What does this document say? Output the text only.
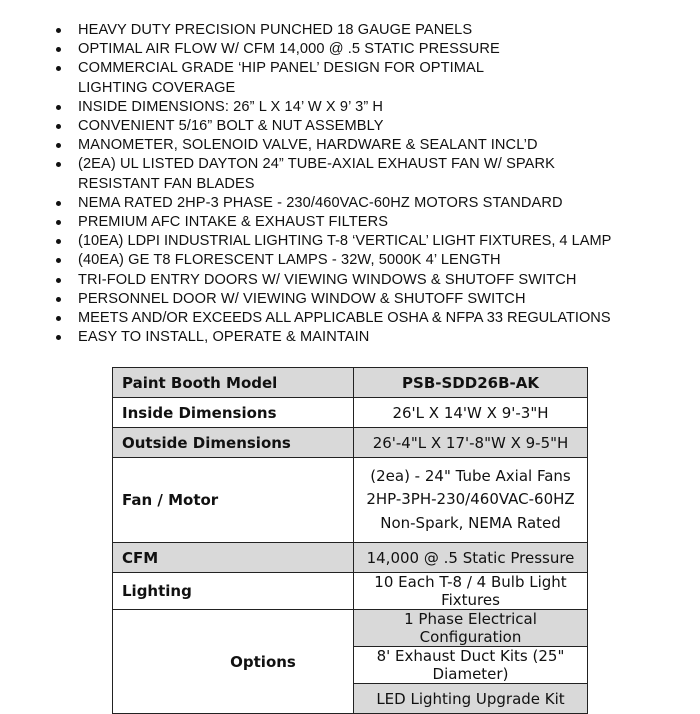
HEAVY DUTY PRECISION PUNCHED 18 GAUGE PANELS
OPTIMAL AIR FLOW W/ CFM 14,000 @ .5 STATIC PRESSURE
COMMERCIAL GRADE ‘HIP PANEL’ DESIGN FOR OPTIMAL LIGHTING COVERAGE
INSIDE DIMENSIONS: 26” L X 14’ W X 9’ 3” H
CONVENIENT 5/16” BOLT & NUT ASSEMBLY
MANOMETER, SOLENOID VALVE, HARDWARE & SEALANT INCL’D
(2EA) UL LISTED DAYTON 24” TUBE-AXIAL EXHAUST FAN W/ SPARK RESISTANT FAN BLADES
NEMA RATED 2HP-3 PHASE - 230/460VAC-60HZ MOTORS STANDARD
PREMIUM AFC INTAKE & EXHAUST FILTERS
(10EA) LDPI INDUSTRIAL LIGHTING T-8 ‘VERTICAL’ LIGHT FIXTURES, 4 LAMP
(40EA) GE T8 FLORESCENT LAMPS - 32W, 5000K 4’ LENGTH
TRI-FOLD ENTRY DOORS W/ VIEWING WINDOWS & SHUTOFF SWITCH
PERSONNEL DOOR W/ VIEWING WINDOW & SHUTOFF SWITCH
MEETS AND/OR EXCEEDS ALL APPLICABLE OSHA & NFPA 33 REGULATIONS
EASY TO INSTALL, OPERATE & MAINTAIN
Paint Booth Model	PSB-SDD26B-AK
Inside Dimensions	26'L X 14'W X 9'-3"H
Outside Dimensions	26'-4"L X 17'-8"W X 9-5"H
Fan / Motor	(2ea) - 24" Tube Axial Fans
2HP-3PH-230/460VAC-60HZ
Non-Spark, NEMA Rated

CFM	14,000 @ .5 Static Pressure
Lighting	10 Each T-8 / 4 Bulb Light Fixtures
Options	1 Phase Electrical Configuration
	8' Exhaust Duct Kits (25" Diameter)
	LED Lighting Upgrade Kit
